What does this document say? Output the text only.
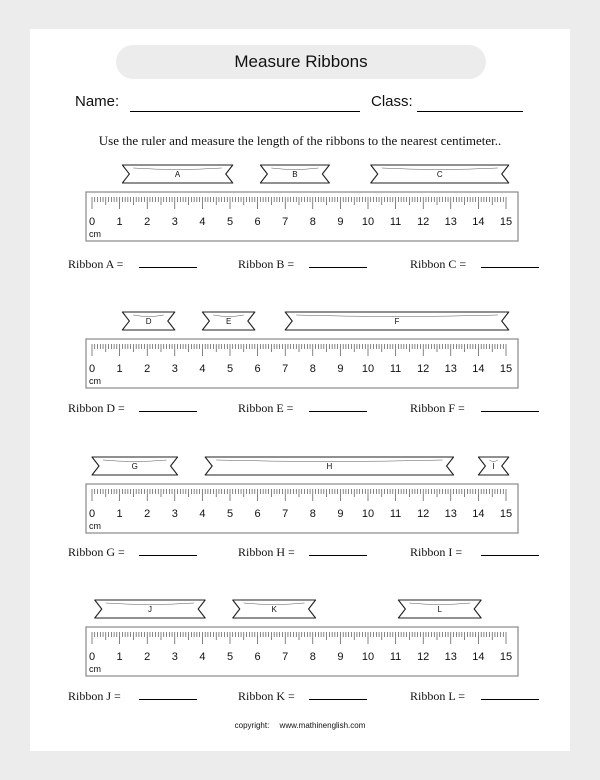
Measure Ribbons
Name:	Class:
Use the ruler and measure the length of the ribbons to the nearest centimeter..
0 1 2 3 4 5 6 7 8 9 10 11 12 13 14 15
cm
A	B	C
0 1 2 3 4 5 6 7 8 9 10 11 12 13 14 15
cm
D	E	F
0 1 2 3 4 5 6 7 8 9 10 11 12 13 14 15
cm
G	H	I
0 1 2 3 4 5 6 7 8 9 10 11 12 13 14 15
cm
J	K	L
Ribbon A =	Ribbon B =	Ribbon C =
Ribbon D =	Ribbon E =	Ribbon F =
Ribbon G =	Ribbon H =	Ribbon I =
Ribbon J =	Ribbon K =	Ribbon L =
copyright: www.mathinenglish.com
